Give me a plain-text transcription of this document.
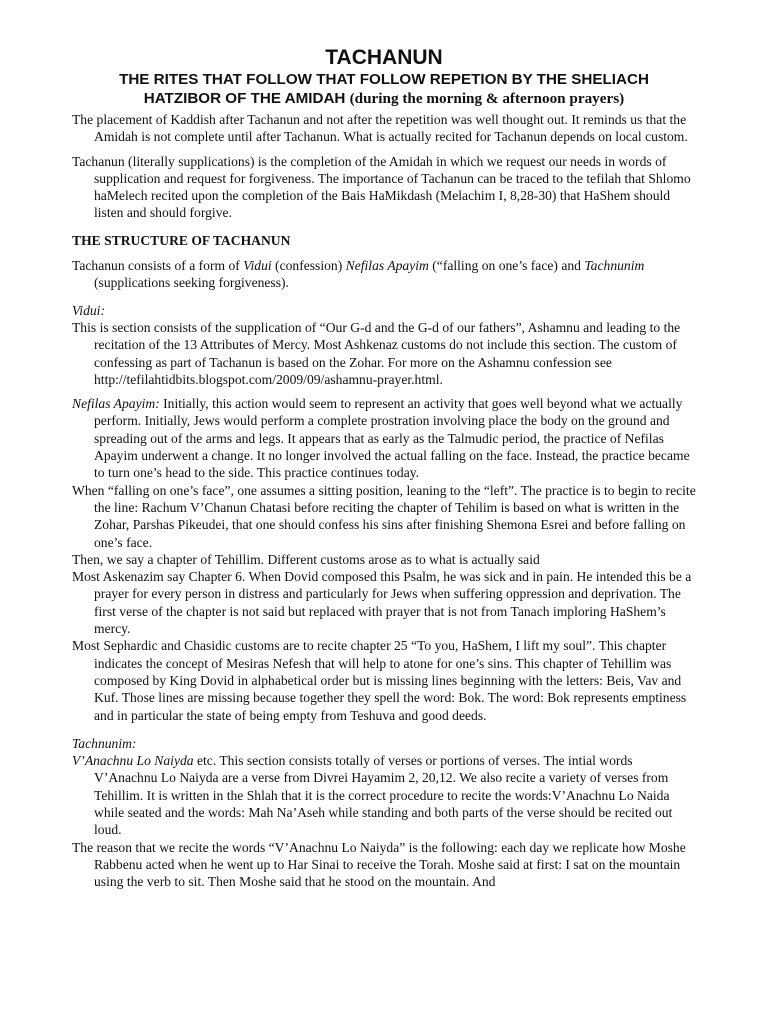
TACHANUN
THE RITES THAT FOLLOW THAT FOLLOW REPETION BY THE SHELIACH
HATZIBOR OF THE AMIDAH (during the morning & afternoon prayers)

The placement of Kaddish after Tachanun and not after the repetition was well thought out. It reminds us that the Amidah is not complete until after Tachanun. What is actually recited for Tachanun depends on local custom.

Tachanun (literally supplications) is the completion of the Amidah in which we request our needs in words of supplication and request for forgiveness. The importance of Tachanun can be traced to the tefilah that Shlomo haMelech recited upon the completion of the Bais HaMikdash (Melachim I, 8,28-30) that HaShem should listen and should forgive.

THE STRUCTURE OF TACHANUN

Tachanun consists of a form of Vidui (confession) Nefilas Apayim (“falling on one’s face) and Tachnunim (supplications seeking forgiveness).

Vidui:

This is section consists of the supplication of “Our G-d and the G-d of our fathers”, Ashamnu and leading to the recitation of the 13 Attributes of Mercy. Most Ashkenaz customs do not include this section. The custom of confessing as part of Tachanun is based on the Zohar. For more on the Ashamnu confession see http://tefilahtidbits.blogspot.com/2009/09/ashamnu-prayer.html.

Nefilas Apayim: Initially, this action would seem to represent an activity that goes well beyond what we actually perform. Initially, Jews would perform a complete prostration involving place the body on the ground and spreading out of the arms and legs. It appears that as early as the Talmudic period, the practice of Nefilas Apayim underwent a change. It no longer involved the actual falling on the face. Instead, the practice became to turn one’s head to the side. This practice continues today.

When “falling on one’s face”, one assumes a sitting position, leaning to the “left”. The practice is to begin to recite the line: Rachum V’Chanun Chatasi before reciting the chapter of Tehilim is based on what is written in the Zohar, Parshas Pikeudei, that one should confess his sins after finishing Shemona Esrei and before falling on one’s face.

Then, we say a chapter of Tehillim. Different customs arose as to what is actually said

Most Askenazim say Chapter 6. When Dovid composed this Psalm, he was sick and in pain. He intended this be a prayer for every person in distress and particularly for Jews when suffering oppression and deprivation. The first verse of the chapter is not said but replaced with prayer that is not from Tanach imploring HaShem’s mercy.

Most Sephardic and Chasidic customs are to recite chapter 25 “To you, HaShem, I lift my soul”. This chapter indicates the concept of Mesiras Nefesh that will help to atone for one’s sins. This chapter of Tehillim was composed by King Dovid in alphabetical order but is missing lines beginning with the letters: Beis, Vav and Kuf. Those lines are missing because together they spell the word: Bok. The word: Bok represents emptiness and in particular the state of being empty from Teshuva and good deeds.

Tachnunim:

V’Anachnu Lo Naiyda etc. This section consists totally of verses or portions of verses. The intial words V’Anachnu Lo Naiyda are a verse from Divrei Hayamim 2, 20,12. We also recite a variety of verses from Tehillim. It is written in the Shlah that it is the correct procedure to recite the words:V’Anachnu Lo Naida while seated and the words: Mah Na’Aseh while standing and both parts of the verse should be recited out loud.

The reason that we recite the words “V’Anachnu Lo Naiyda” is the following: each day we replicate how Moshe Rabbenu acted when he went up to Har Sinai to receive the Torah. Moshe said at first: I sat on the mountain using the verb to sit. Then Moshe said that he stood on the mountain. And
